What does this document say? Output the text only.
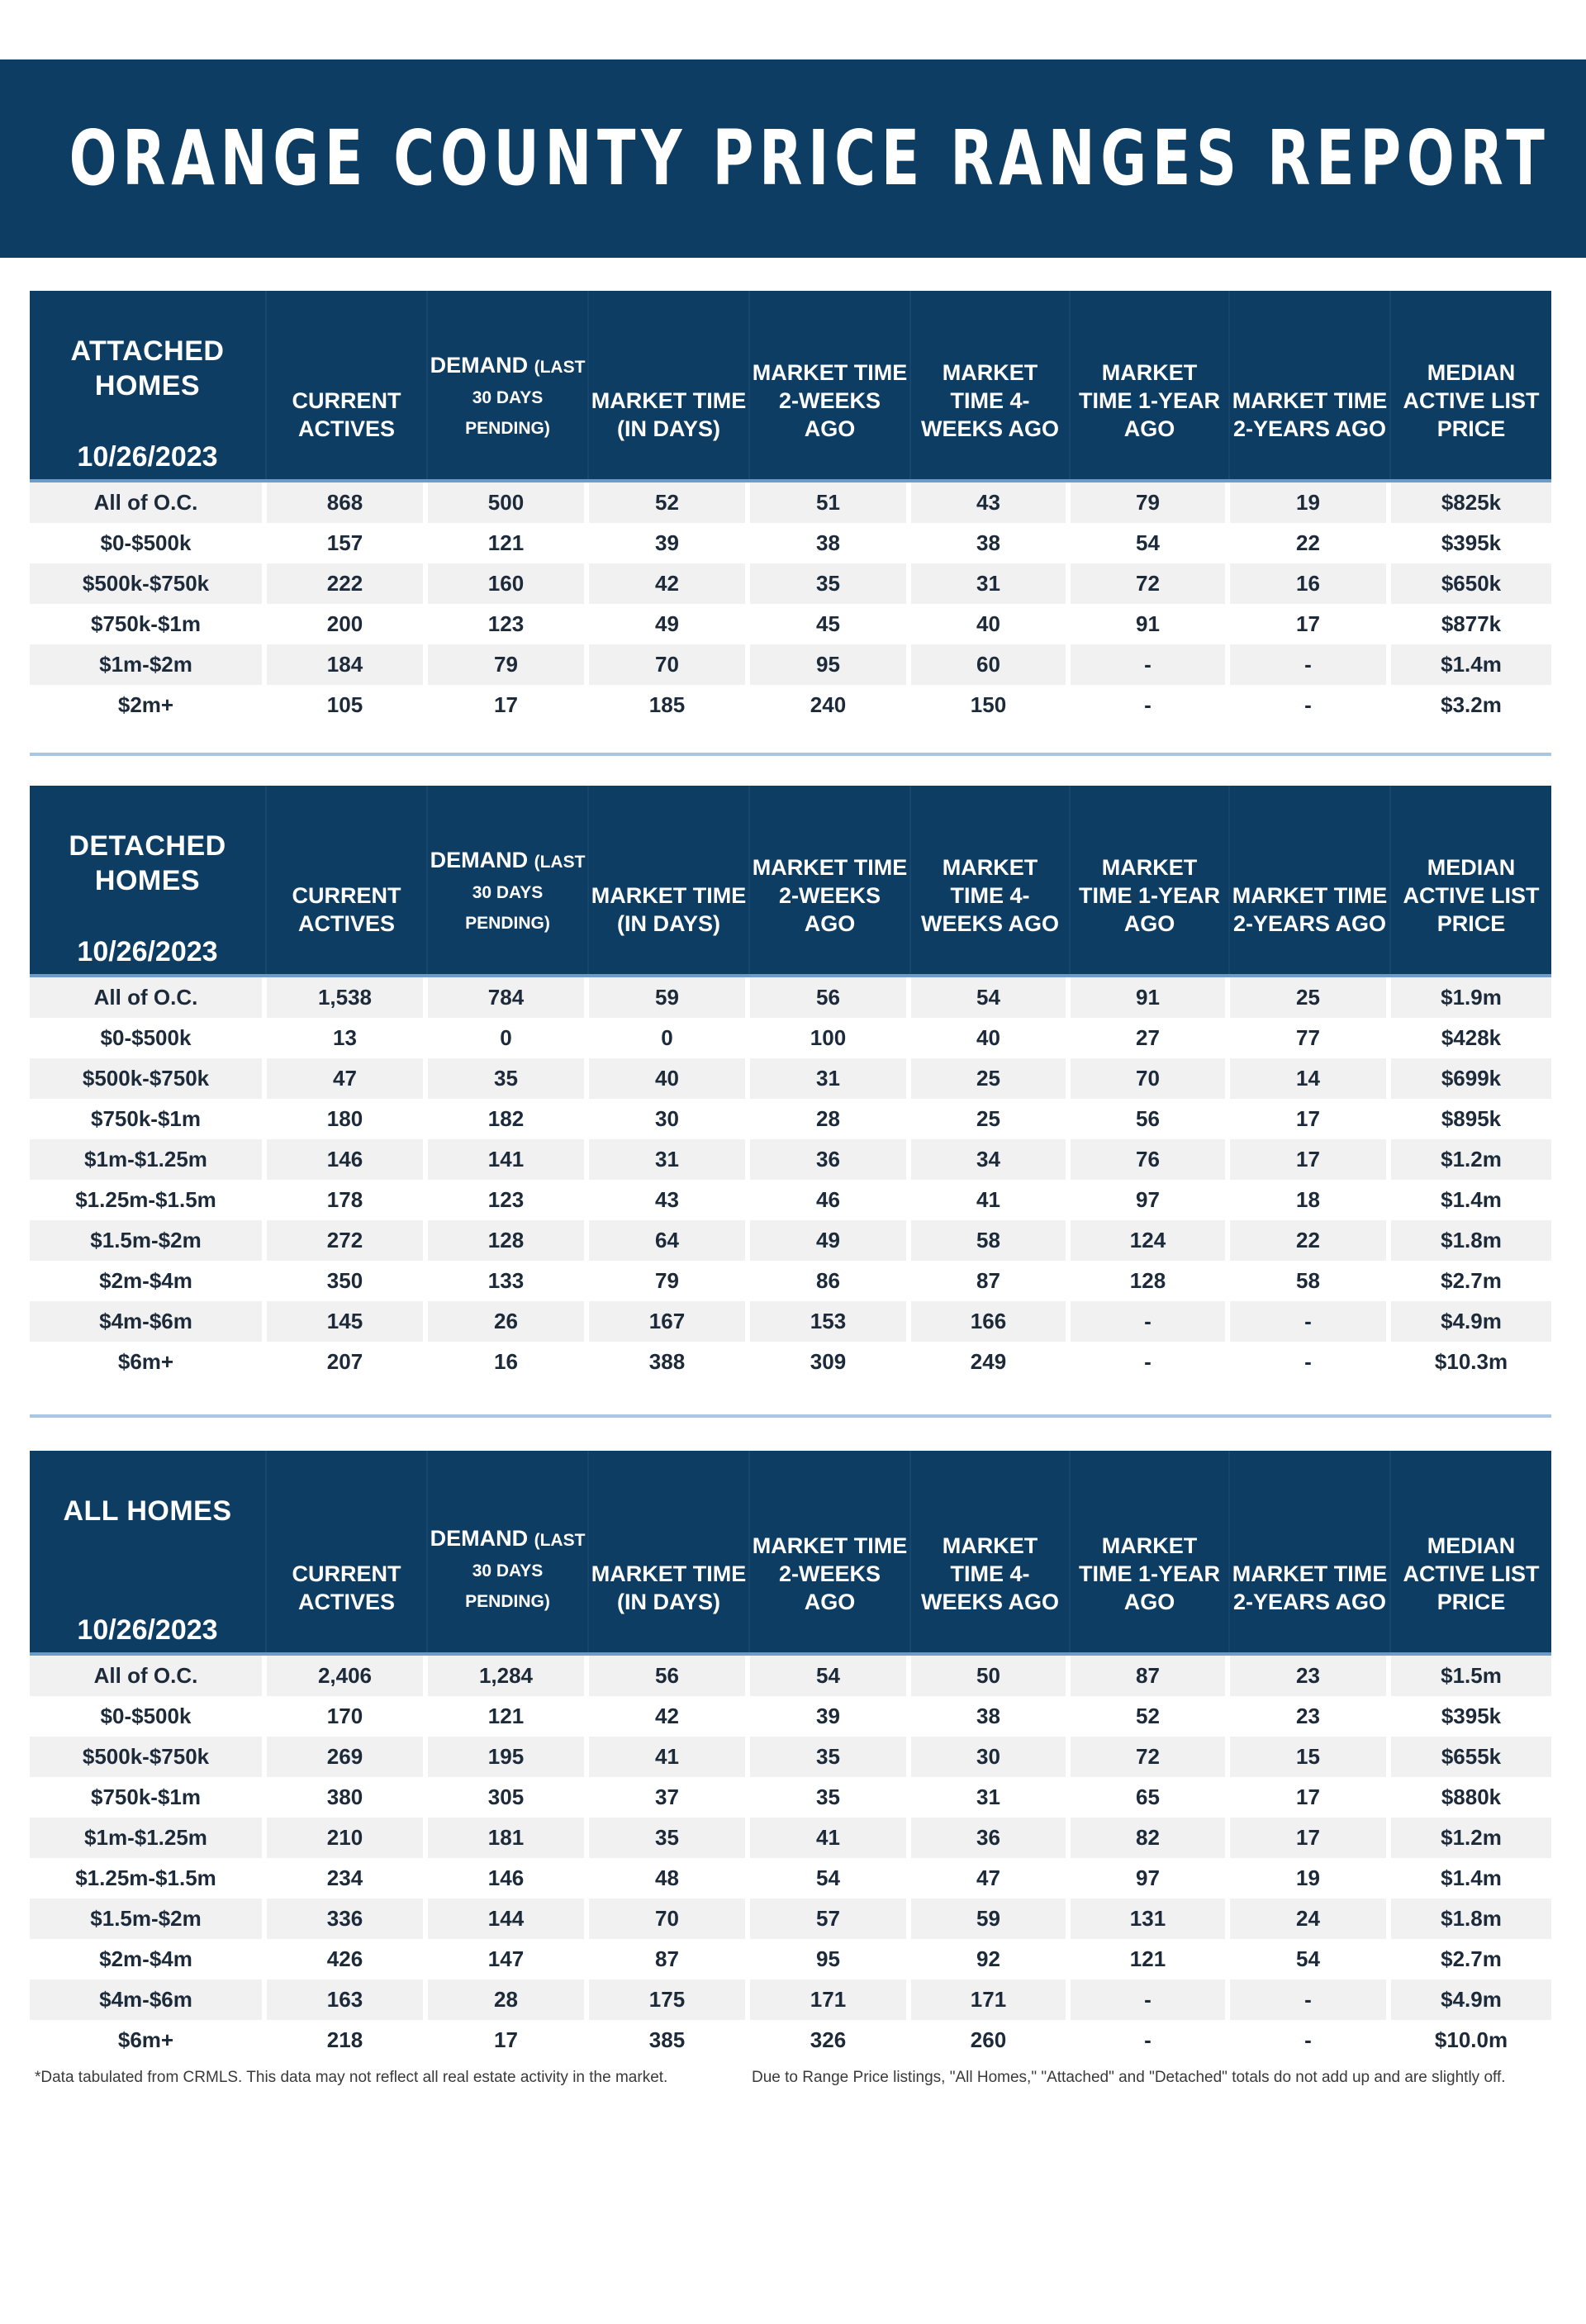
ORANGE COUNTY PRICE RANGES REPORT
ATTACHED HOMES
10/26/2023
CURRENT ACTIVES
DEMAND (LAST
30 DAYS PENDING)
MARKET TIME (IN DAYS)
MARKET TIME 2-WEEKS AGO
MARKET TIME 4-WEEKS AGO
MARKET TIME 1-YEAR AGO
MARKET TIME 2-YEARS AGO
MEDIAN ACTIVE LIST PRICE
All of O.C.	868	500	52	51	43	79	19	$825k
$0-$500k	157	121	39	38	38	54	22	$395k
$500k-$750k	222	160	42	35	31	72	16	$650k
$750k-$1m	200	123	49	45	40	91	17	$877k
$1m-$2m	184	79	70	95	60	-	-	$1.4m
$2m+	105	17	185	240	150	-	-	$3.2m
DETACHED HOMES
10/26/2023
CURRENT ACTIVES
DEMAND (LAST
30 DAYS PENDING)
MARKET TIME (IN DAYS)
MARKET TIME 2-WEEKS AGO
MARKET TIME 4-WEEKS AGO
MARKET TIME 1-YEAR AGO
MARKET TIME 2-YEARS AGO
MEDIAN ACTIVE LIST PRICE
All of O.C.	1,538	784	59	56	54	91	25	$1.9m
$0-$500k	13	0	0	100	40	27	77	$428k
$500k-$750k	47	35	40	31	25	70	14	$699k
$750k-$1m	180	182	30	28	25	56	17	$895k
$1m-$1.25m	146	141	31	36	34	76	17	$1.2m
$1.25m-$1.5m	178	123	43	46	41	97	18	$1.4m
$1.5m-$2m	272	128	64	49	58	124	22	$1.8m
$2m-$4m	350	133	79	86	87	128	58	$2.7m
$4m-$6m	145	26	167	153	166	-	-	$4.9m
$6m+	207	16	388	309	249	-	-	$10.3m
ALL HOMES
10/26/2023
CURRENT ACTIVES
DEMAND (LAST
30 DAYS PENDING)
MARKET TIME (IN DAYS)
MARKET TIME 2-WEEKS AGO
MARKET TIME 4-WEEKS AGO
MARKET TIME 1-YEAR AGO
MARKET TIME 2-YEARS AGO
MEDIAN ACTIVE LIST PRICE
All of O.C.	2,406	1,284	56	54	50	87	23	$1.5m
$0-$500k	170	121	42	39	38	52	23	$395k
$500k-$750k	269	195	41	35	30	72	15	$655k
$750k-$1m	380	305	37	35	31	65	17	$880k
$1m-$1.25m	210	181	35	41	36	82	17	$1.2m
$1.25m-$1.5m	234	146	48	54	47	97	19	$1.4m
$1.5m-$2m	336	144	70	57	59	131	24	$1.8m
$2m-$4m	426	147	87	95	92	121	54	$2.7m
$4m-$6m	163	28	175	171	171	-	-	$4.9m
$6m+	218	17	385	326	260	-	-	$10.0m
*Data tabulated from CRMLS. This data may not reflect all real estate activity in the market.	Due to Range Price listings, "All Homes," "Attached" and "Detached" totals do not add up and are slightly off.
